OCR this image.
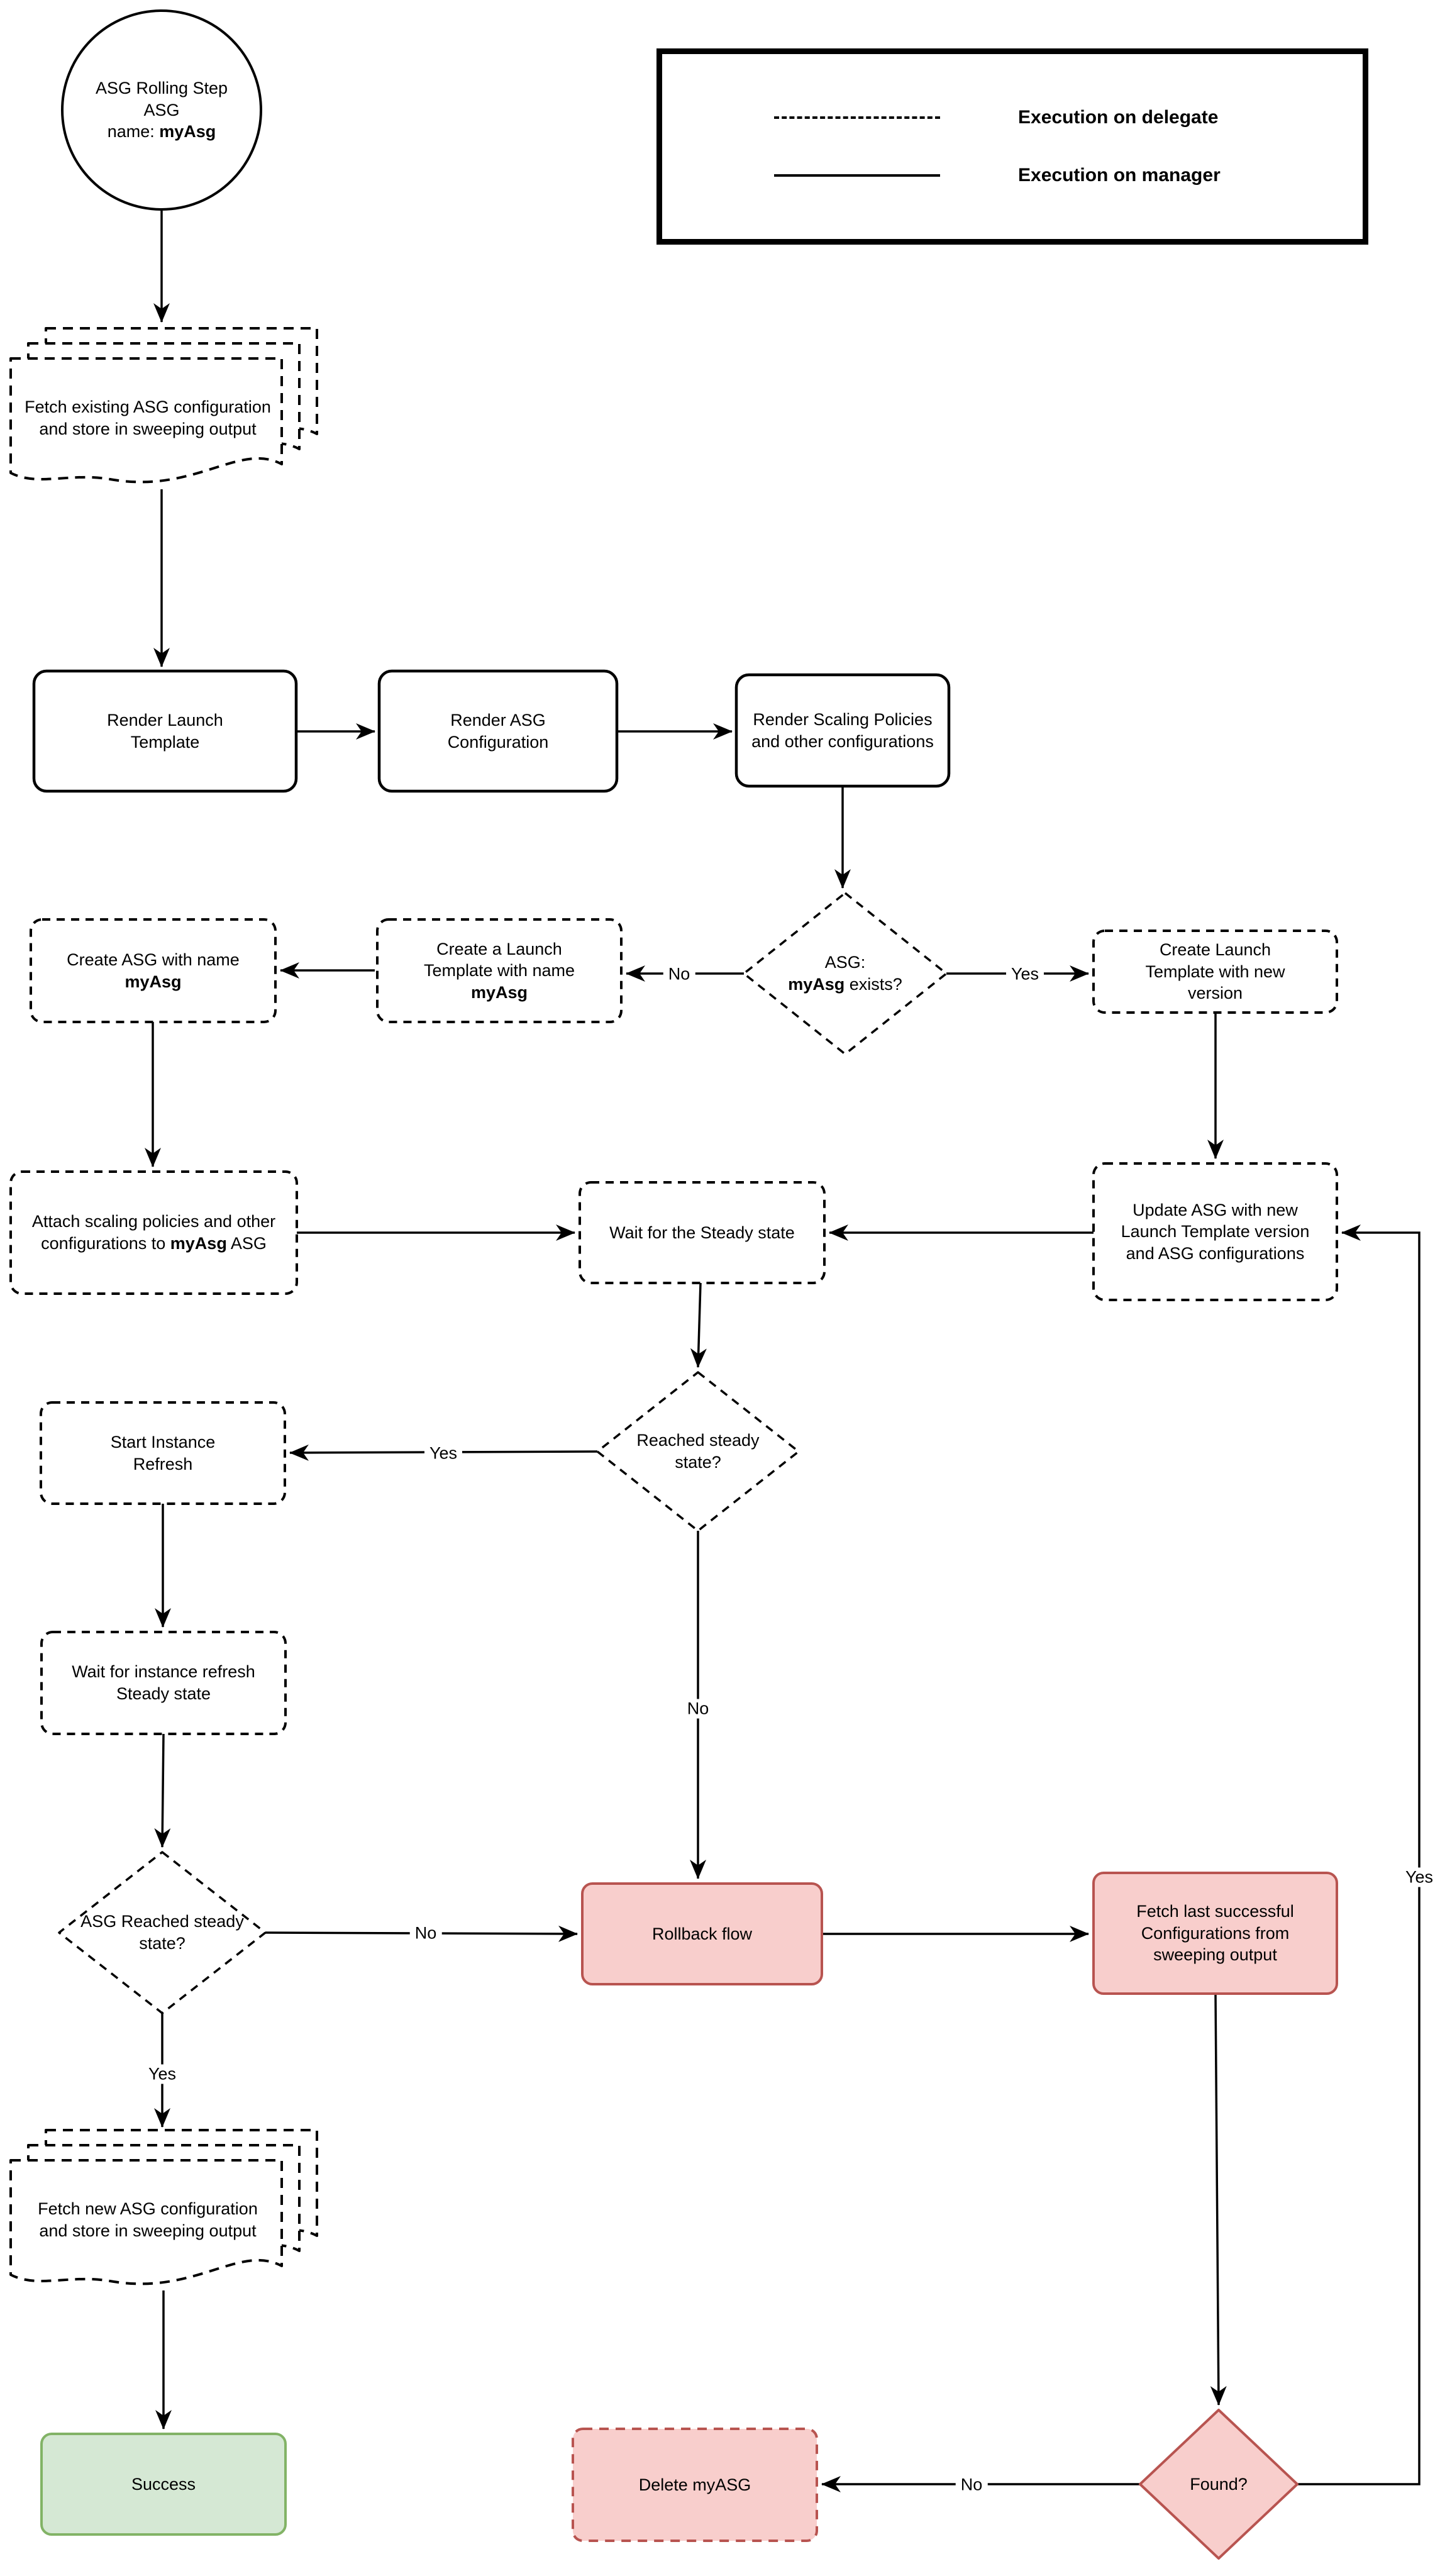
ASG Rolling Step
ASG
name: myAsg
Fetch existing ASG configuration and store in sweeping output
Render Launch Template
Render ASG Configuration
Render Scaling Policies and other configurations
ASG:
myAsg exists?
Create a Launch Template with name myAsg
Create ASG with name myAsg
Create Launch Template with new version
Attach scaling policies and other configurations to myAsg ASG
Wait for the Steady state
Update ASG with new Launch Template version and ASG configurations
Reached steady state?
Start Instance Refresh
Wait for instance refresh Steady state
ASG Reached steady state?
Rollback flow
Fetch last successful Configurations from sweeping output
Fetch new ASG configuration and store in sweeping output
Success	Delete myASG	Found?
No	Yes
Yes
No
No
Yes
No
Yes
Execution on delegate
Execution on manager
